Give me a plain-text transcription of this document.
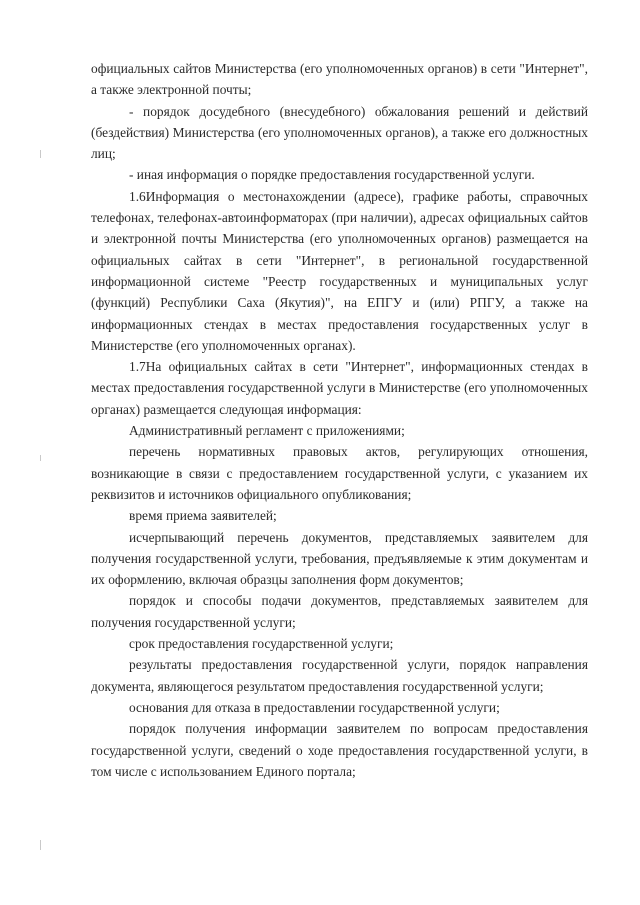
официальных сайтов Министерства (его уполномоченных органов) в сети "Интернет", а также электронной почты;

- порядок досудебного (внесудебного) обжалования решений и действий (бездействия) Министерства (его уполномоченных органов), а также его должностных лиц;

- иная информация о порядке предоставления государственной услуги.

1.6Информация о местонахождении (адресе), графике работы, справочных телефонах, телефонах-автоинформаторах (при наличии), адресах официальных сайтов и электронной почты Министерства (его уполномоченных органов) размещается на официальных сайтах в сети "Интернет", в региональной государственной информационной системе "Реестр государственных и муниципальных услуг (функций) Республики Саха (Якутия)", на ЕПГУ и (или) РПГУ, а также на информационных стендах в местах предоставления государственных услуг в Министерстве (его уполномоченных органах).

1.7На официальных сайтах в сети "Интернет", информационных стендах в местах предоставления государственной услуги в Министерстве (его уполномоченных органах) размещается следующая информация:

Административный регламент с приложениями;

перечень нормативных правовых актов, регулирующих отношения, возникающие в связи с предоставлением государственной услуги, с указанием их реквизитов и источников официального опубликования;

время приема заявителей;

исчерпывающий перечень документов, представляемых заявителем для получения государственной услуги, требования, предъявляемые к этим документам и их оформлению, включая образцы заполнения форм документов;

порядок и способы подачи документов, представляемых заявителем для получения государственной услуги;

срок предоставления государственной услуги;

результаты предоставления государственной услуги, порядок направления документа, являющегося результатом предоставления государственной услуги;

основания для отказа в предоставлении государственной услуги;

порядок получения информации заявителем по вопросам предоставления государственной услуги, сведений о ходе предоставления государственной услуги, в том числе с использованием Единого портала;
